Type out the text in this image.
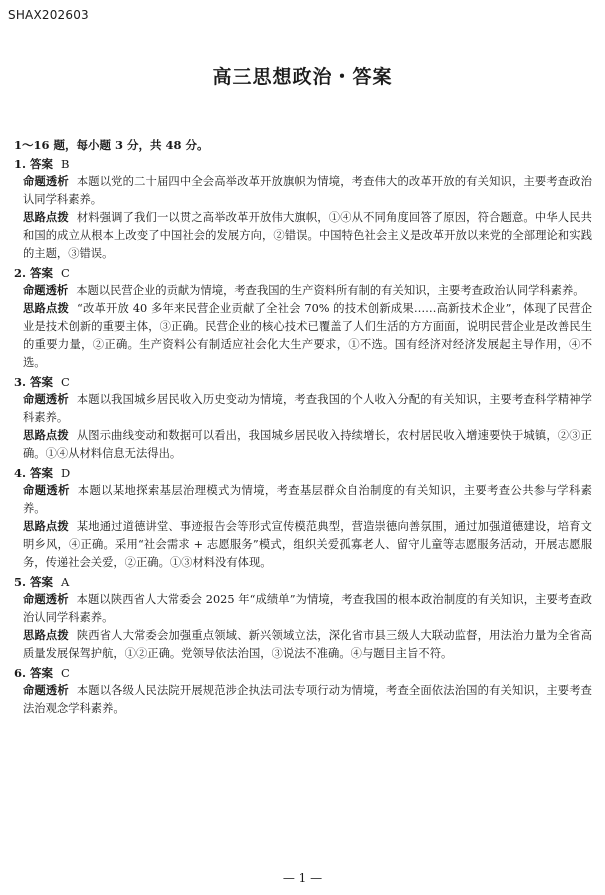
SHAX202603
高三思想政治・答案
1～16 题，每小题 3 分，共 48 分。
1. 答案 B
命题透析 本题以党的二十届四中全会高举改革开放旗帜为情境，考查伟大的改革开放的有关知识，主要考查政治认同学科素养。
思路点拨 材料强调了我们一以贯之高举改革开放伟大旗帜，①④从不同角度回答了原因，符合题意。中华人民共和国的成立从根本上改变了中国社会的发展方向，②错误。中国特色社会主义是改革开放以来党的全部理论和实践的主题，③错误。
2. 答案 C
命题透析 本题以民营企业的贡献为情境，考查我国的生产资料所有制的有关知识，主要考查政治认同学科素养。
思路点拨 “改革开放 40 多年来民营企业贡献了全社会 70% 的技术创新成果……高新技术企业”，体现了民营企业是技术创新的重要主体，③正确。民营企业的核心技术已覆盖了人们生活的方方面面，说明民营企业是改善民生的重要力量，②正确。生产资料公有制适应社会化大生产要求，①不选。国有经济对经济发展起主导作用，④不选。
3. 答案 C
命题透析 本题以我国城乡居民收入历史变动为情境，考查我国的个人收入分配的有关知识，主要考查科学精神学科素养。
思路点拨 从图示曲线变动和数据可以看出，我国城乡居民收入持续增长，农村居民收入增速要快于城镇，②③正确。①④从材料信息无法得出。
4. 答案 D
命题透析 本题以某地探索基层治理模式为情境，考查基层群众自治制度的有关知识，主要考查公共参与学科素养。
思路点拨 某地通过道德讲堂、事迹报告会等形式宣传模范典型，营造崇德向善氛围，通过加强道德建设，培育文明乡风，④正确。采用“社会需求 + 志愿服务”模式，组织关爱孤寡老人、留守儿童等志愿服务活动，开展志愿服务，传递社会关爱，②正确。①③材料没有体现。
5. 答案 A
命题透析 本题以陕西省人大常委会 2025 年“成绩单”为情境，考查我国的根本政治制度的有关知识，主要考查政治认同学科素养。
思路点拨 陕西省人大常委会加强重点领域、新兴领域立法，深化省市县三级人大联动监督，用法治力量为全省高质量发展保驾护航，①②正确。党领导依法治国，③说法不准确。④与题目主旨不符。
6. 答案 C
命题透析 本题以各级人民法院开展规范涉企执法司法专项行动为情境，考查全面依法治国的有关知识，主要考查法治观念学科素养。
— 1 —
